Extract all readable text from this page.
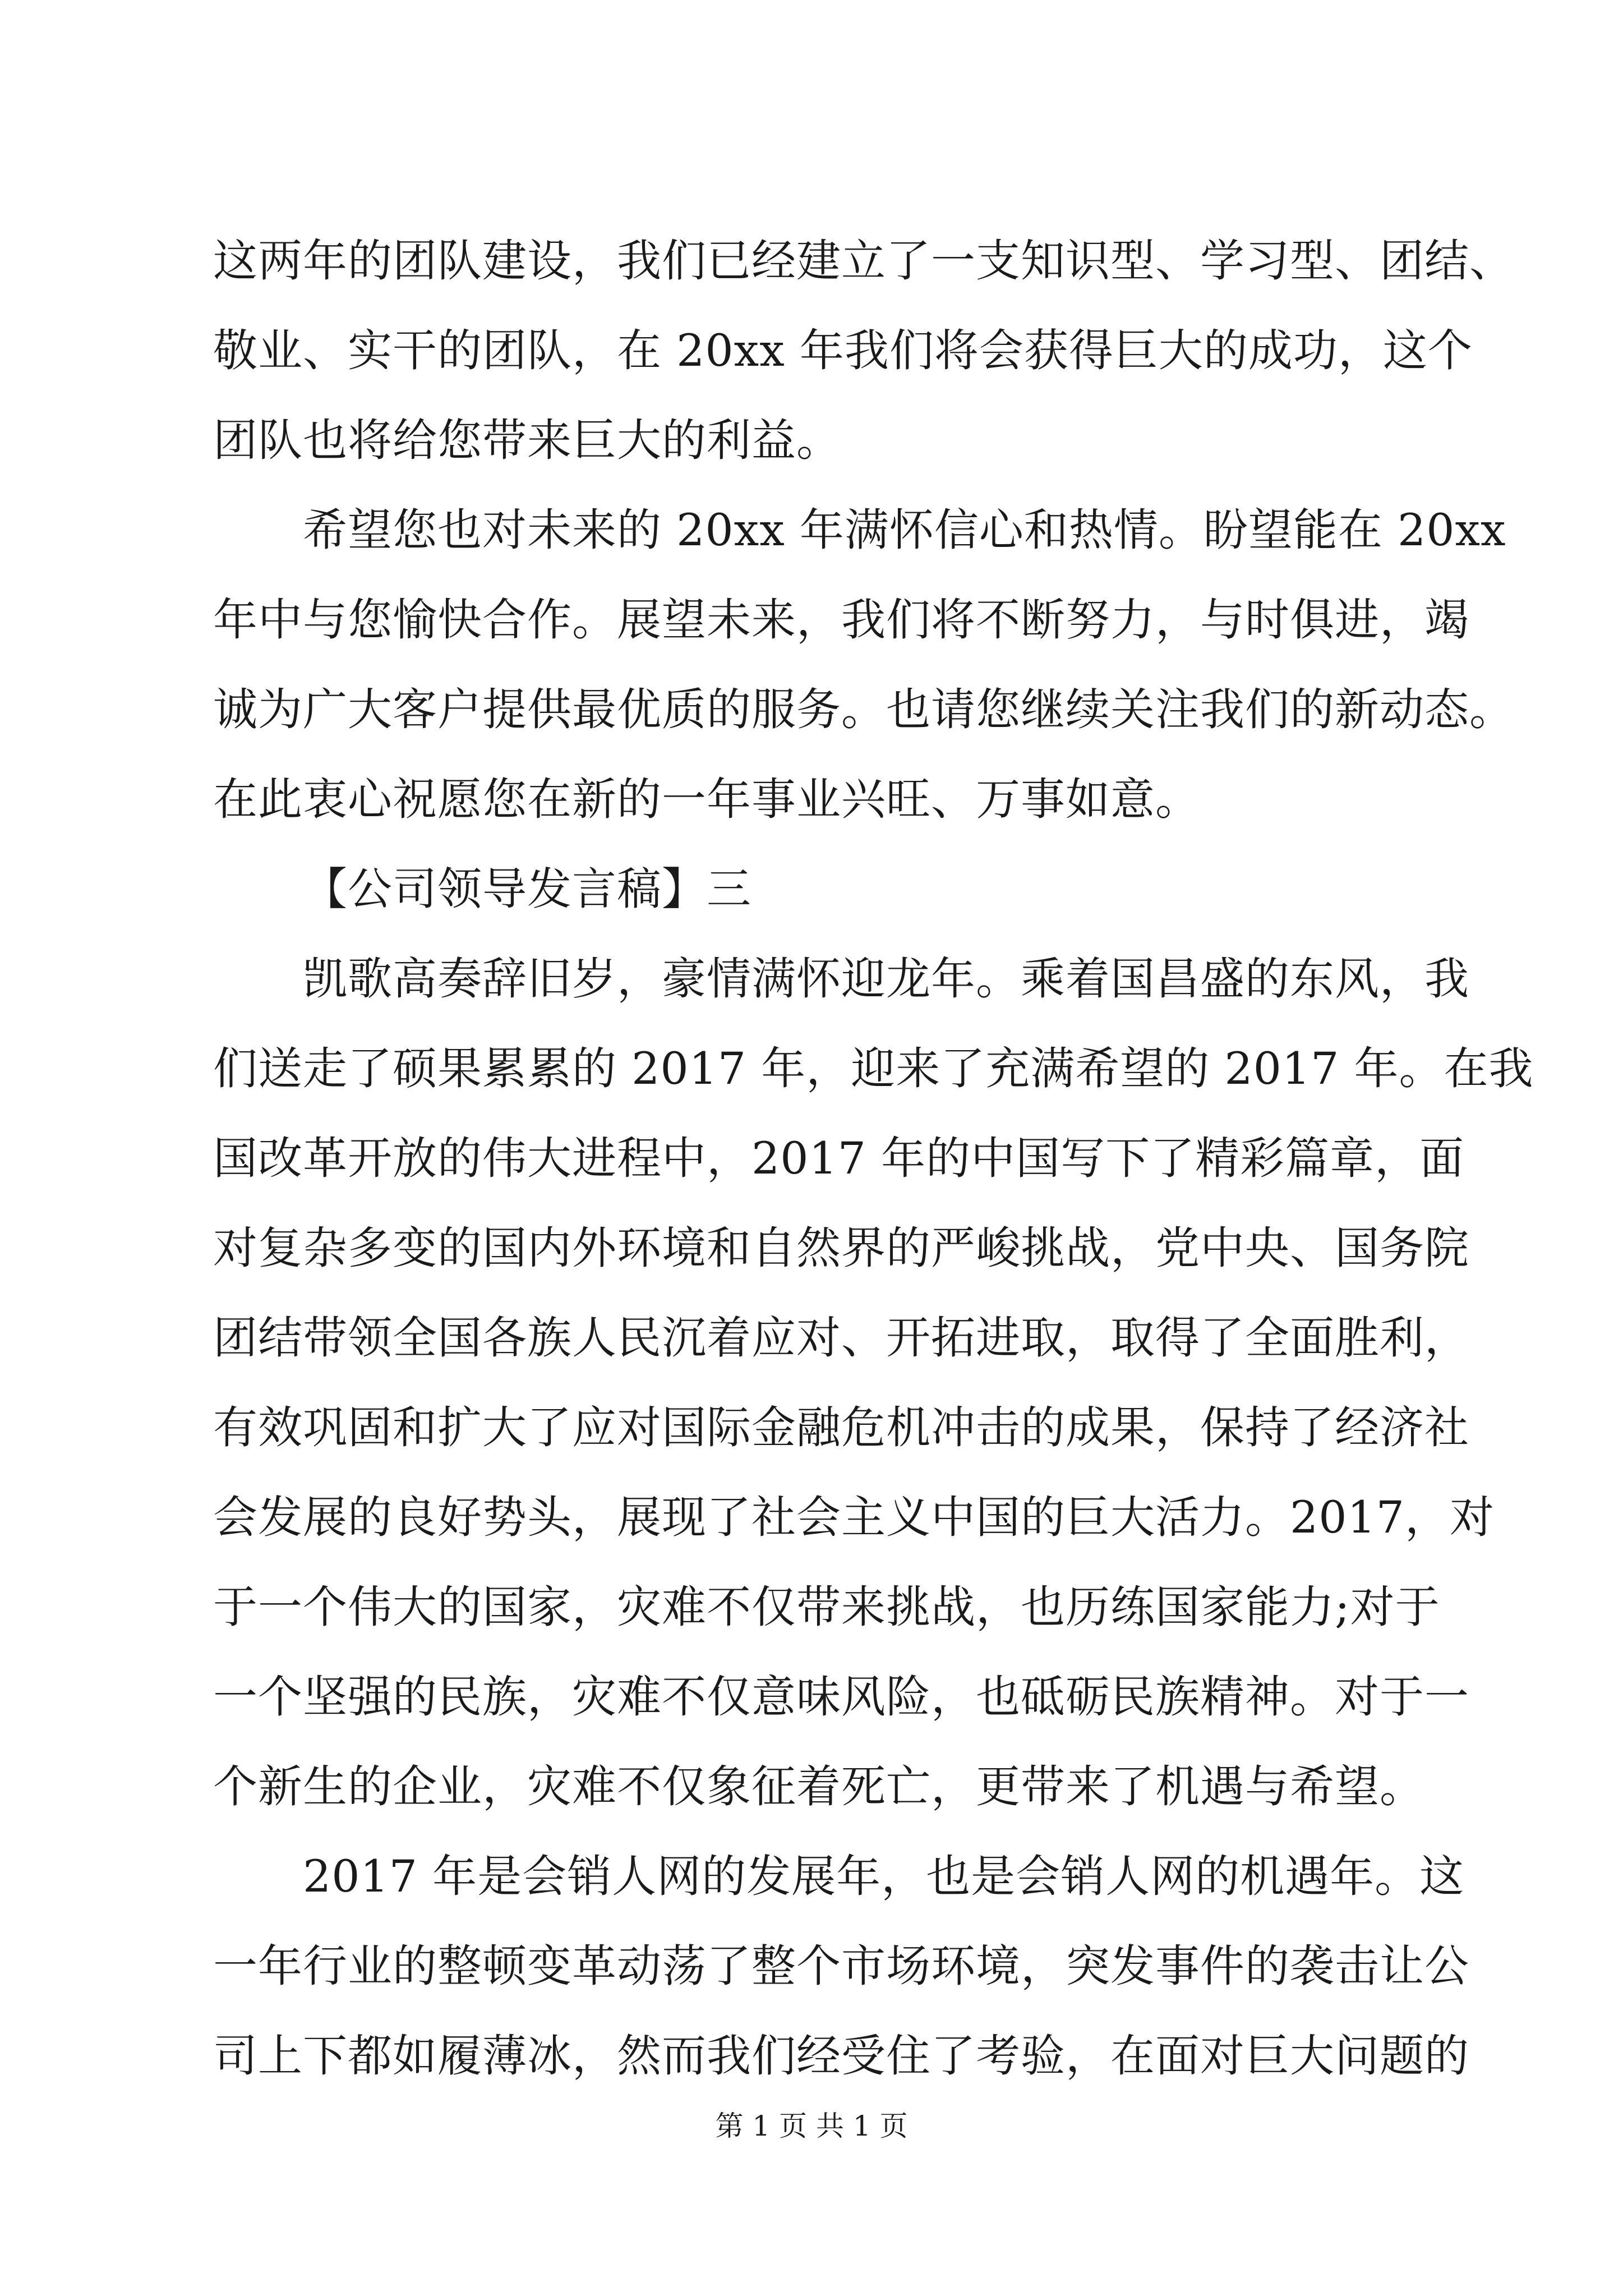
这两年的团队建设，我们已经建立了一支知识型、学习型、团结、
敬业、实干的团队，在 20xx 年我们将会获得巨大的成功，这个
团队也将给您带来巨大的利益。
希望您也对未来的 20xx 年满怀信心和热情。盼望能在 20xx
年中与您愉快合作。展望未来，我们将不断努力，与时俱进，竭
诚为广大客户提供最优质的服务。也请您继续关注我们的新动态。
在此衷心祝愿您在新的一年事业兴旺、万事如意。
【公司领导发言稿】三
凯歌高奏辞旧岁，豪情满怀迎龙年。乘着国昌盛的东风，我
们送走了硕果累累的 2017 年，迎来了充满希望的 2017 年。在我
国改革开放的伟大进程中，2017 年的中国写下了精彩篇章，面
对复杂多变的国内外环境和自然界的严峻挑战，党中央、国务院
团结带领全国各族人民沉着应对、开拓进取，取得了全面胜利，
有效巩固和扩大了应对国际金融危机冲击的成果，保持了经济社
会发展的良好势头，展现了社会主义中国的巨大活力。2017，对
于一个伟大的国家，灾难不仅带来挑战，也历练国家能力;对于
一个坚强的民族，灾难不仅意味风险，也砥砺民族精神。对于一
个新生的企业，灾难不仅象征着死亡，更带来了机遇与希望。
2017 年是会销人网的发展年，也是会销人网的机遇年。这
一年行业的整顿变革动荡了整个市场环境，突发事件的袭击让公
司上下都如履薄冰，然而我们经受住了考验，在面对巨大问题的
第 1 页 共 1 页
